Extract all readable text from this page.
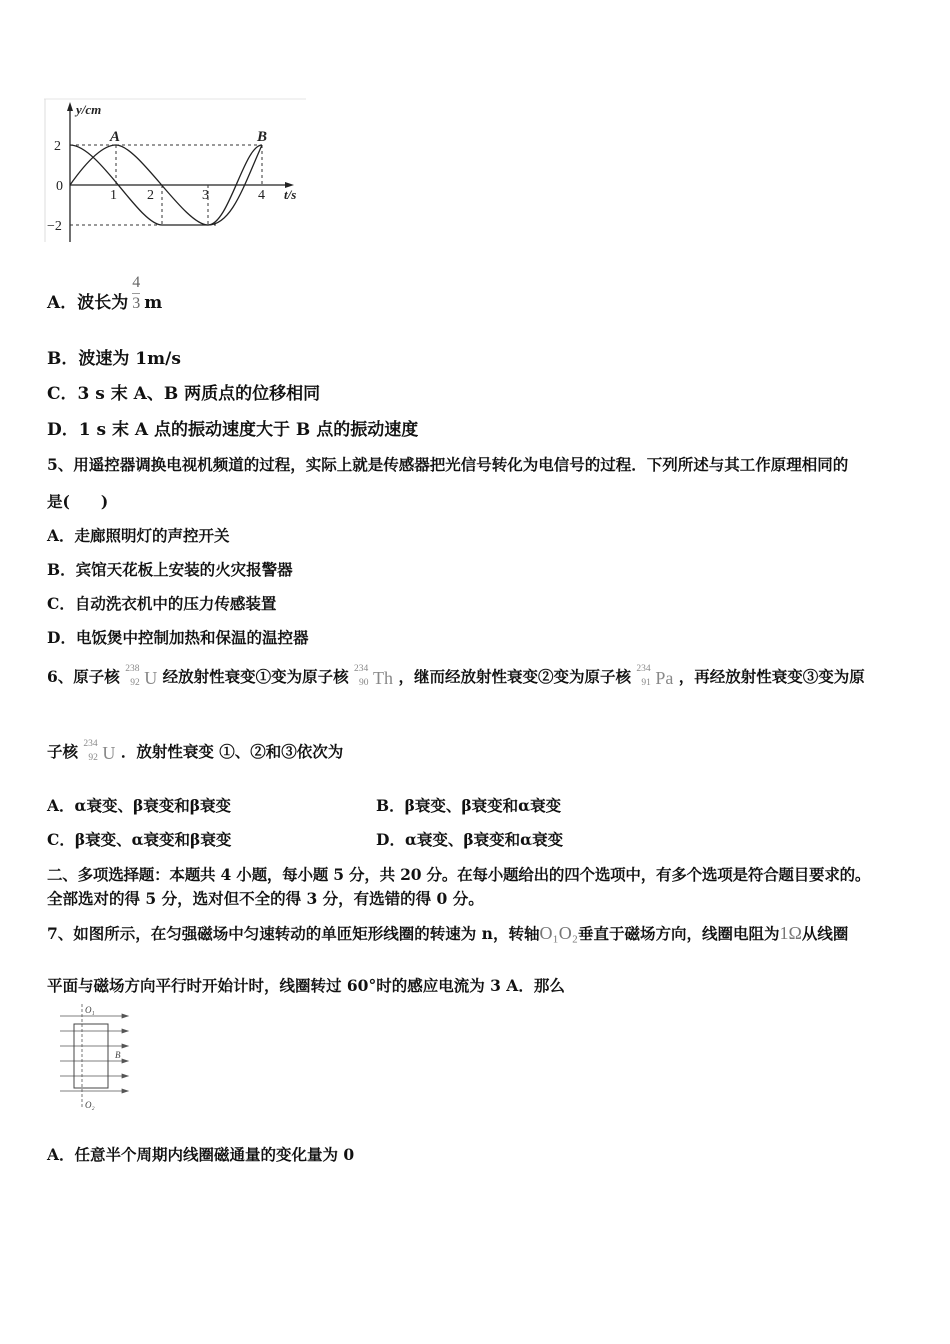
y/cm
t/s
2
0
−2
1 2	3	4
A	B
A．波长为 $\frac{4}{3}$ m
B．波速为 1m/s
C．3 s 末 A、B 两质点的位移相同
D．1 s 末 A 点的振动速度大于 B 点的振动速度
5、用遥控器调换电视机频道的过程，实际上就是传感器把光信号转化为电信号的过程．下列所述与其工作原理相同的
是(　　)
A．走廊照明灯的声控开关
B．宾馆天花板上安装的火灾报警器
C．自动洗衣机中的压力传感装置
D．电饭煲中控制加热和保温的温控器
6、原子核 238
92 U 经放射性衰变①变为原子核 234
90 Th ，继而经放射性衰变②变为原子核 234
91 Pa ，再经放射性衰变③变为原
子核 234
92 U ．放射性衰变 ①、②和③依次为
A．α衰变、β衰变和β衰变	B．β衰变、β衰变和α衰变
C．β衰变、α衰变和β衰变	D．α衰变、β衰变和α衰变
二、多项选择题：本题共 4 小题，每小题 5 分，共 20 分。在每小题给出的四个选项中，有多个选项是符合题目要求的。
全部选对的得 5 分，选对但不全的得 3 分，有选错的得 0 分。
7、如图所示，在匀强磁场中匀速转动的单匝矩形线圈的转速为 n，转轴O₁O₂垂直于磁场方向，线圈电阻为1Ω从线圈
平面与磁场方向平行时开始计时，线圈转过 60°时的感应电流为 3 A．那么
O₁
O₂
B
A．任意半个周期内线圈磁通量的变化量为 0
